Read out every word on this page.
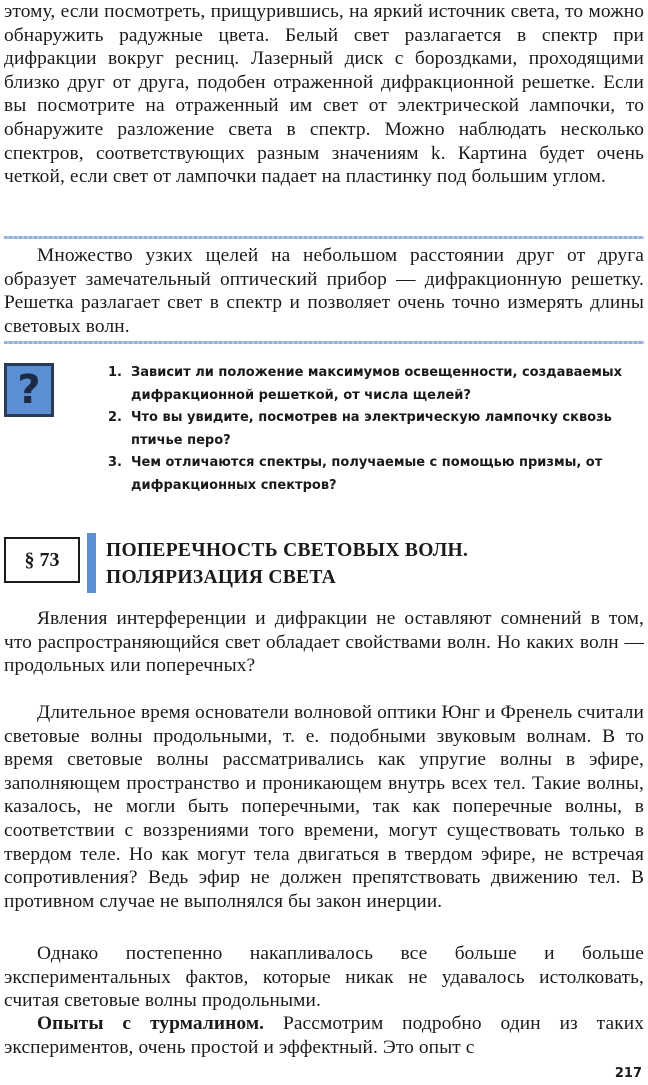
этому, если посмотреть, прищурившись, на яркий источник света, то можно обнаружить радужные цвета. Белый свет разлагается в спектр при дифракции вокруг ресниц. Лазерный диск с бороздками, проходящими близко друг от друга, подобен отраженной дифракционной решетке. Если вы посмотрите на отраженный им свет от электрической лампочки, то обнаружите разложение света в спектр. Можно наблюдать несколько спектров, соответствующих разным значениям k. Картина будет очень четкой, если свет от лампочки падает на пластинку под большим углом.

Множество узких щелей на небольшом расстоянии друг от друга образует замечательный оптический прибор — дифракционную решетку. Решетка разлагает свет в спектр и позволяет очень точно измерять длины световых волн.

?	1. Зависит ли положение максимумов освещенности, создаваемых дифракционной решеткой, от числа щелей?
2. Что вы увидите, посмотрев на электрическую лампочку сквозь птичье перо?
3. Чем отличаются спектры, получаемые с помощью призмы, от дифракционных спектров?
§ 73 ПОПЕРЕЧНОСТЬ СВЕТОВЫХ ВОЛН.
ПОЛЯРИЗАЦИЯ СВЕТА

Явления интерференции и дифракции не оставляют сомнений в том, что распространяющийся свет обладает свойствами волн. Но каких волн — продольных или поперечных?

Длительное время основатели волновой оптики Юнг и Френель считали световые волны продольными, т. е. подобными звуковым волнам. В то время световые волны рассматривались как упругие волны в эфире, заполняющем пространство и проникающем внутрь всех тел. Такие волны, казалось, не могли быть поперечными, так как поперечные волны, в соответствии с воззрениями того времени, могут существовать только в твердом теле. Но как могут тела двигаться в твердом эфире, не встречая сопротивления? Ведь эфир не должен препятствовать движению тел. В противном случае не выполнялся бы закон инерции.

Однако постепенно накапливалось все больше и больше экспериментальных фактов, которые никак не удавалось истолковать, считая световые волны продольными.

Опыты с турмалином. Рассмотрим подробно один из таких экспериментов, очень простой и эффектный. Это опыт с

217
